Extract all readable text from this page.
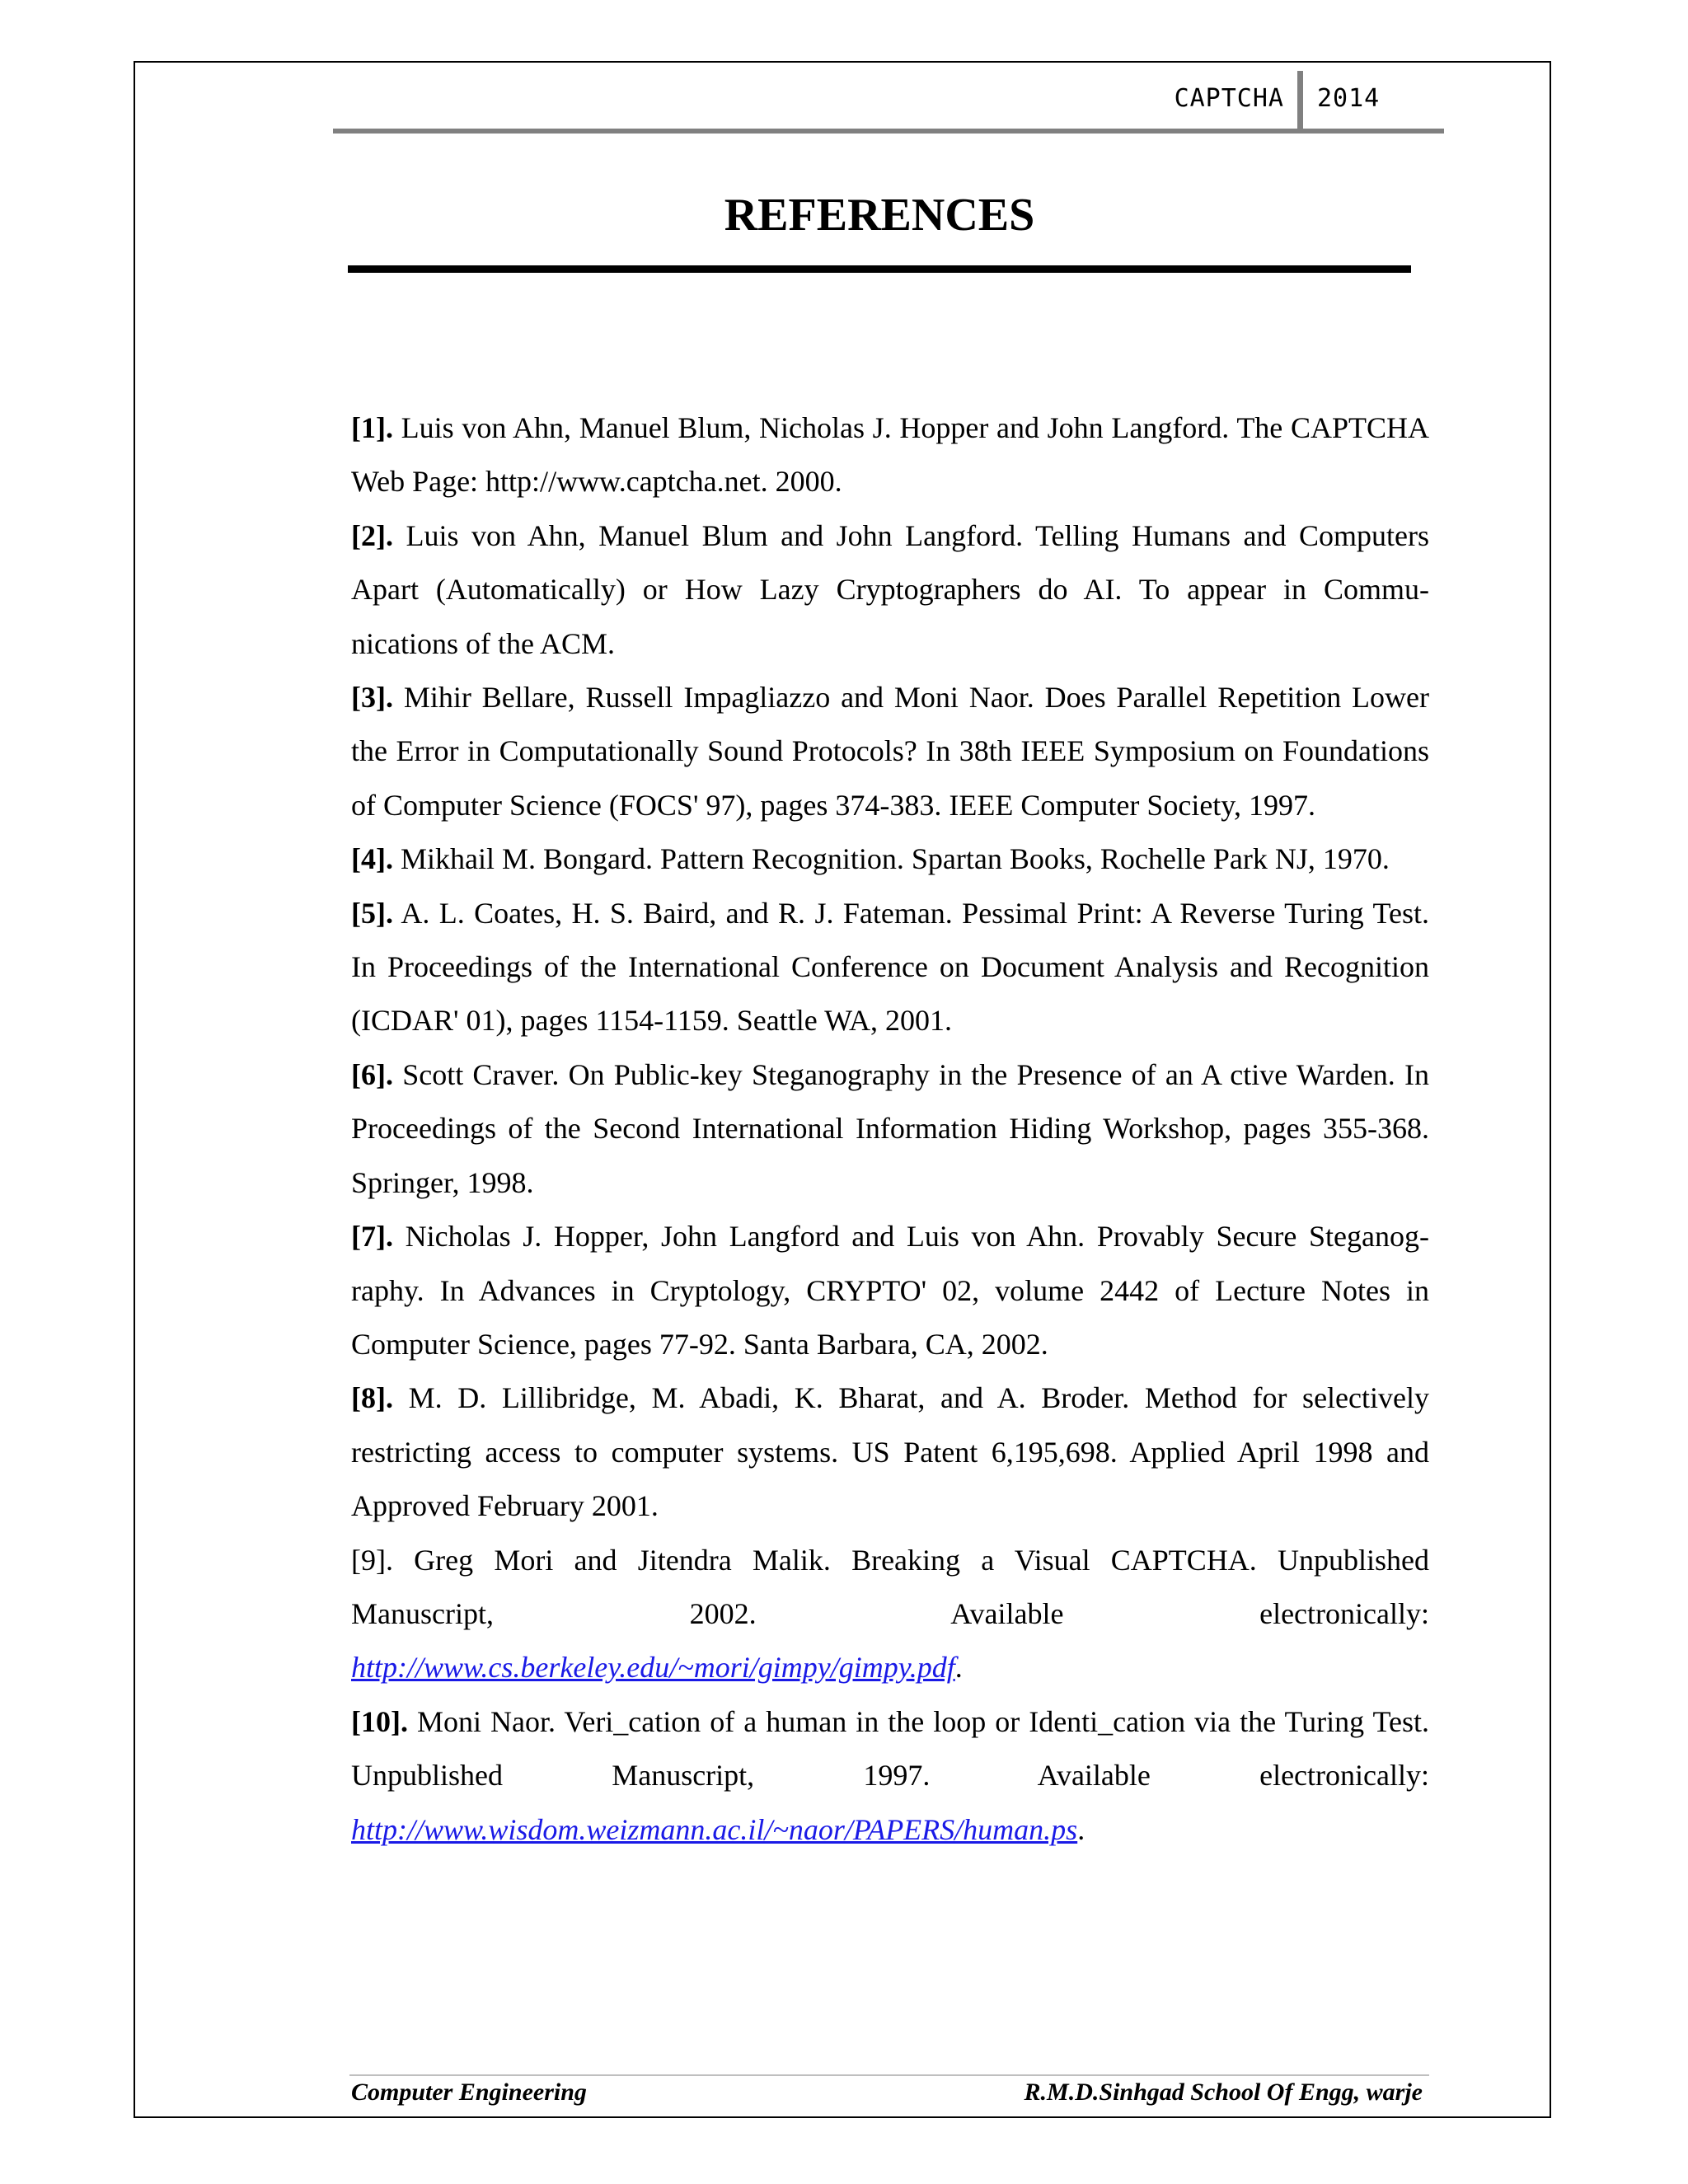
CAPTCHA 2014
REFERENCES

[1]. Luis von Ahn, Manuel Blum, Nicholas J. Hopper and John Langford. The CAPTCHA Web Page: http://www.captcha.net. 2000.

[2]. Luis von Ahn, Manuel Blum and John Langford. Telling Humans and Computers Apart (Automatically) or How Lazy Cryptographers do AI. To appear in Commu- nications of the ACM.

[3]. Mihir Bellare, Russell Impagliazzo and Moni Naor. Does Parallel Repetition Lower the Error in Computationally Sound Protocols? In 38th IEEE Symposium on Foundations of Computer Science (FOCS' 97), pages 374-383. IEEE Computer Society, 1997.

[4]. Mikhail M. Bongard. Pattern Recognition. Spartan Books, Rochelle Park NJ, 1970.

[5]. A. L. Coates, H. S. Baird, and R. J. Fateman. Pessimal Print: A Reverse Turing Test. In Proceedings of the International Conference on Document Analysis and Recognition (ICDAR' 01), pages 1154-1159. Seattle WA, 2001.

[6]. Scott Craver. On Public-key Steganography in the Presence of an A ctive Warden. In Proceedings of the Second International Information Hiding Workshop, pages 355-368. Springer, 1998.

[7]. Nicholas J. Hopper, John Langford and Luis von Ahn. Provably Secure Steganog- raphy. In Advances in Cryptology, CRYPTO' 02, volume 2442 of Lecture Notes in Computer Science, pages 77-92. Santa Barbara, CA, 2002.

[8]. M. D. Lillibridge, M. Abadi, K. Bharat, and A. Broder. Method for selectively restricting access to computer systems. US Patent 6,195,698. Applied April 1998 and Approved February 2001.

[9]. Greg Mori and Jitendra Malik. Breaking a Visual CAPTCHA. Unpublished Manuscript, 2002. Available electronically: http://www.cs.berkeley.edu/~mori/gimpy/gimpy.pdf.

[10]. Moni Naor. Veri_cation of a human in the loop or Identi_cation via the Turing Test. Unpublished Manuscript, 1997. Available electronically: http://www.wisdom.weizmann.ac.il/~naor/PAPERS/human.ps.

Computer Engineering	R.M.D.Sinhgad School Of Engg, warje
